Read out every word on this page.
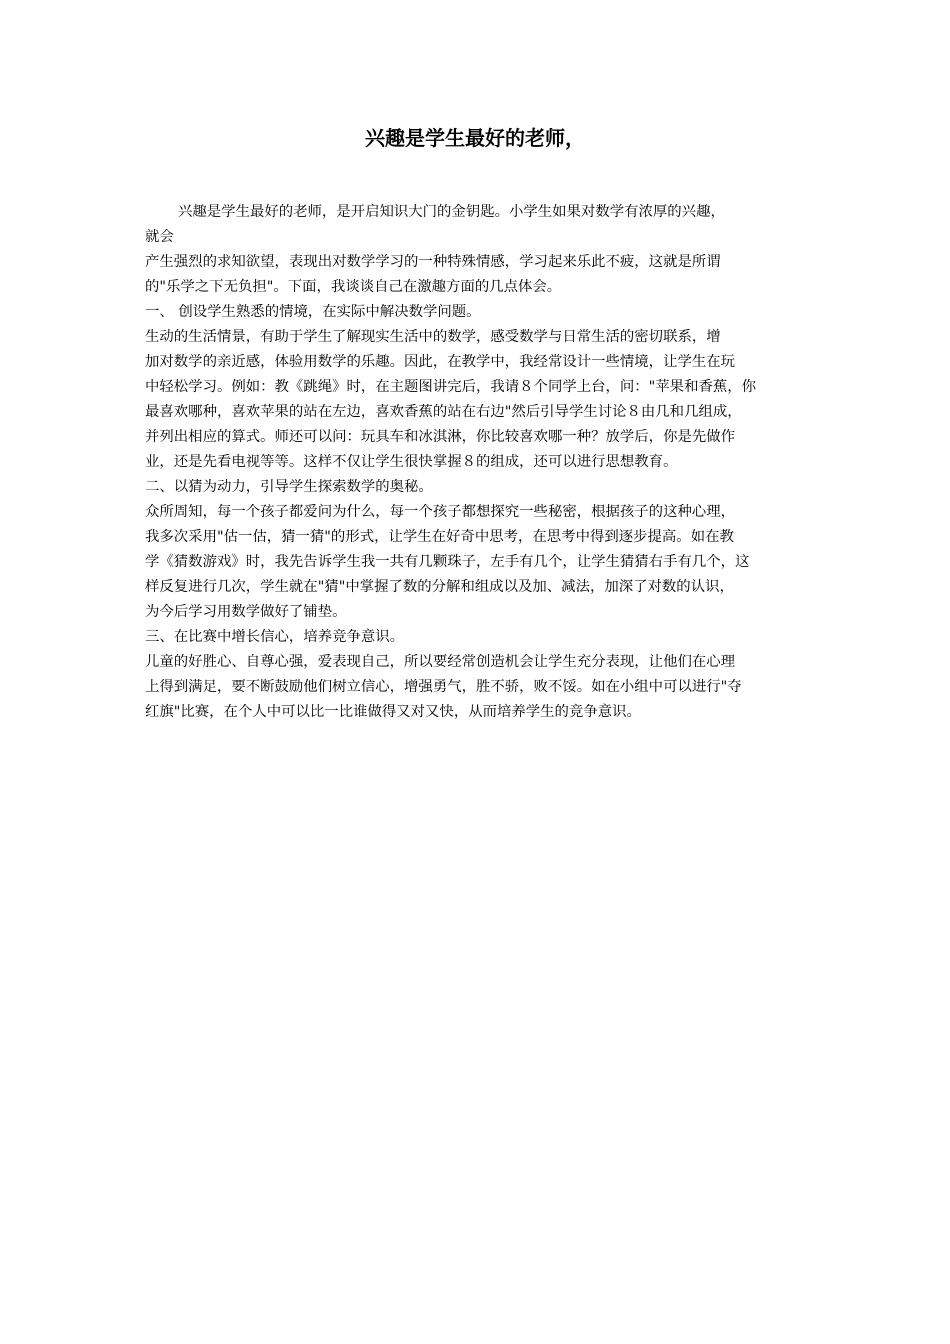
兴趣是学生最好的老师，
兴趣是学生最好的老师，是开启知识大门的金钥匙。小学生如果对数学有浓厚的兴趣，
就会
产生强烈的求知欲望，表现出对数学学习的一种特殊情感，学习起来乐此不疲，这就是所谓
的"乐学之下无负担"。下面，我谈谈自己在激趣方面的几点体会。
一、 创设学生熟悉的情境，在实际中解决数学问题。
生动的生活情景，有助于学生了解现实生活中的数学，感受数学与日常生活的密切联系，增
加对数学的亲近感，体验用数学的乐趣。因此，在教学中，我经常设计一些情境，让学生在玩
中轻松学习。例如：教《跳绳》时，在主题图讲完后，我请８个同学上台，问："苹果和香蕉，你
最喜欢哪种，喜欢苹果的站在左边，喜欢香蕉的站在右边"然后引导学生讨论８由几和几组成，
并列出相应的算式。师还可以问：玩具车和冰淇淋，你比较喜欢哪一种？放学后，你是先做作
业，还是先看电视等等。这样不仅让学生很快掌握８的组成，还可以进行思想教育。
二、以猜为动力，引导学生探索数学的奥秘。
众所周知，每一个孩子都爱问为什么，每一个孩子都想探究一些秘密，根据孩子的这种心理，
我多次采用"估一估，猜一猜"的形式，让学生在好奇中思考，在思考中得到逐步提高。如在教
学《猜数游戏》时，我先告诉学生我一共有几颗珠子，左手有几个，让学生猜猜右手有几个，这
样反复进行几次，学生就在"猜"中掌握了数的分解和组成以及加、减法，加深了对数的认识，
为今后学习用数学做好了铺垫。
三、在比赛中增长信心，培养竞争意识。
儿童的好胜心、自尊心强，爱表现自己，所以要经常创造机会让学生充分表现，让他们在心理
上得到满足，要不断鼓励他们树立信心，增强勇气，胜不骄，败不馁。如在小组中可以进行"夺
红旗"比赛，在个人中可以比一比谁做得又对又快，从而培养学生的竞争意识。
